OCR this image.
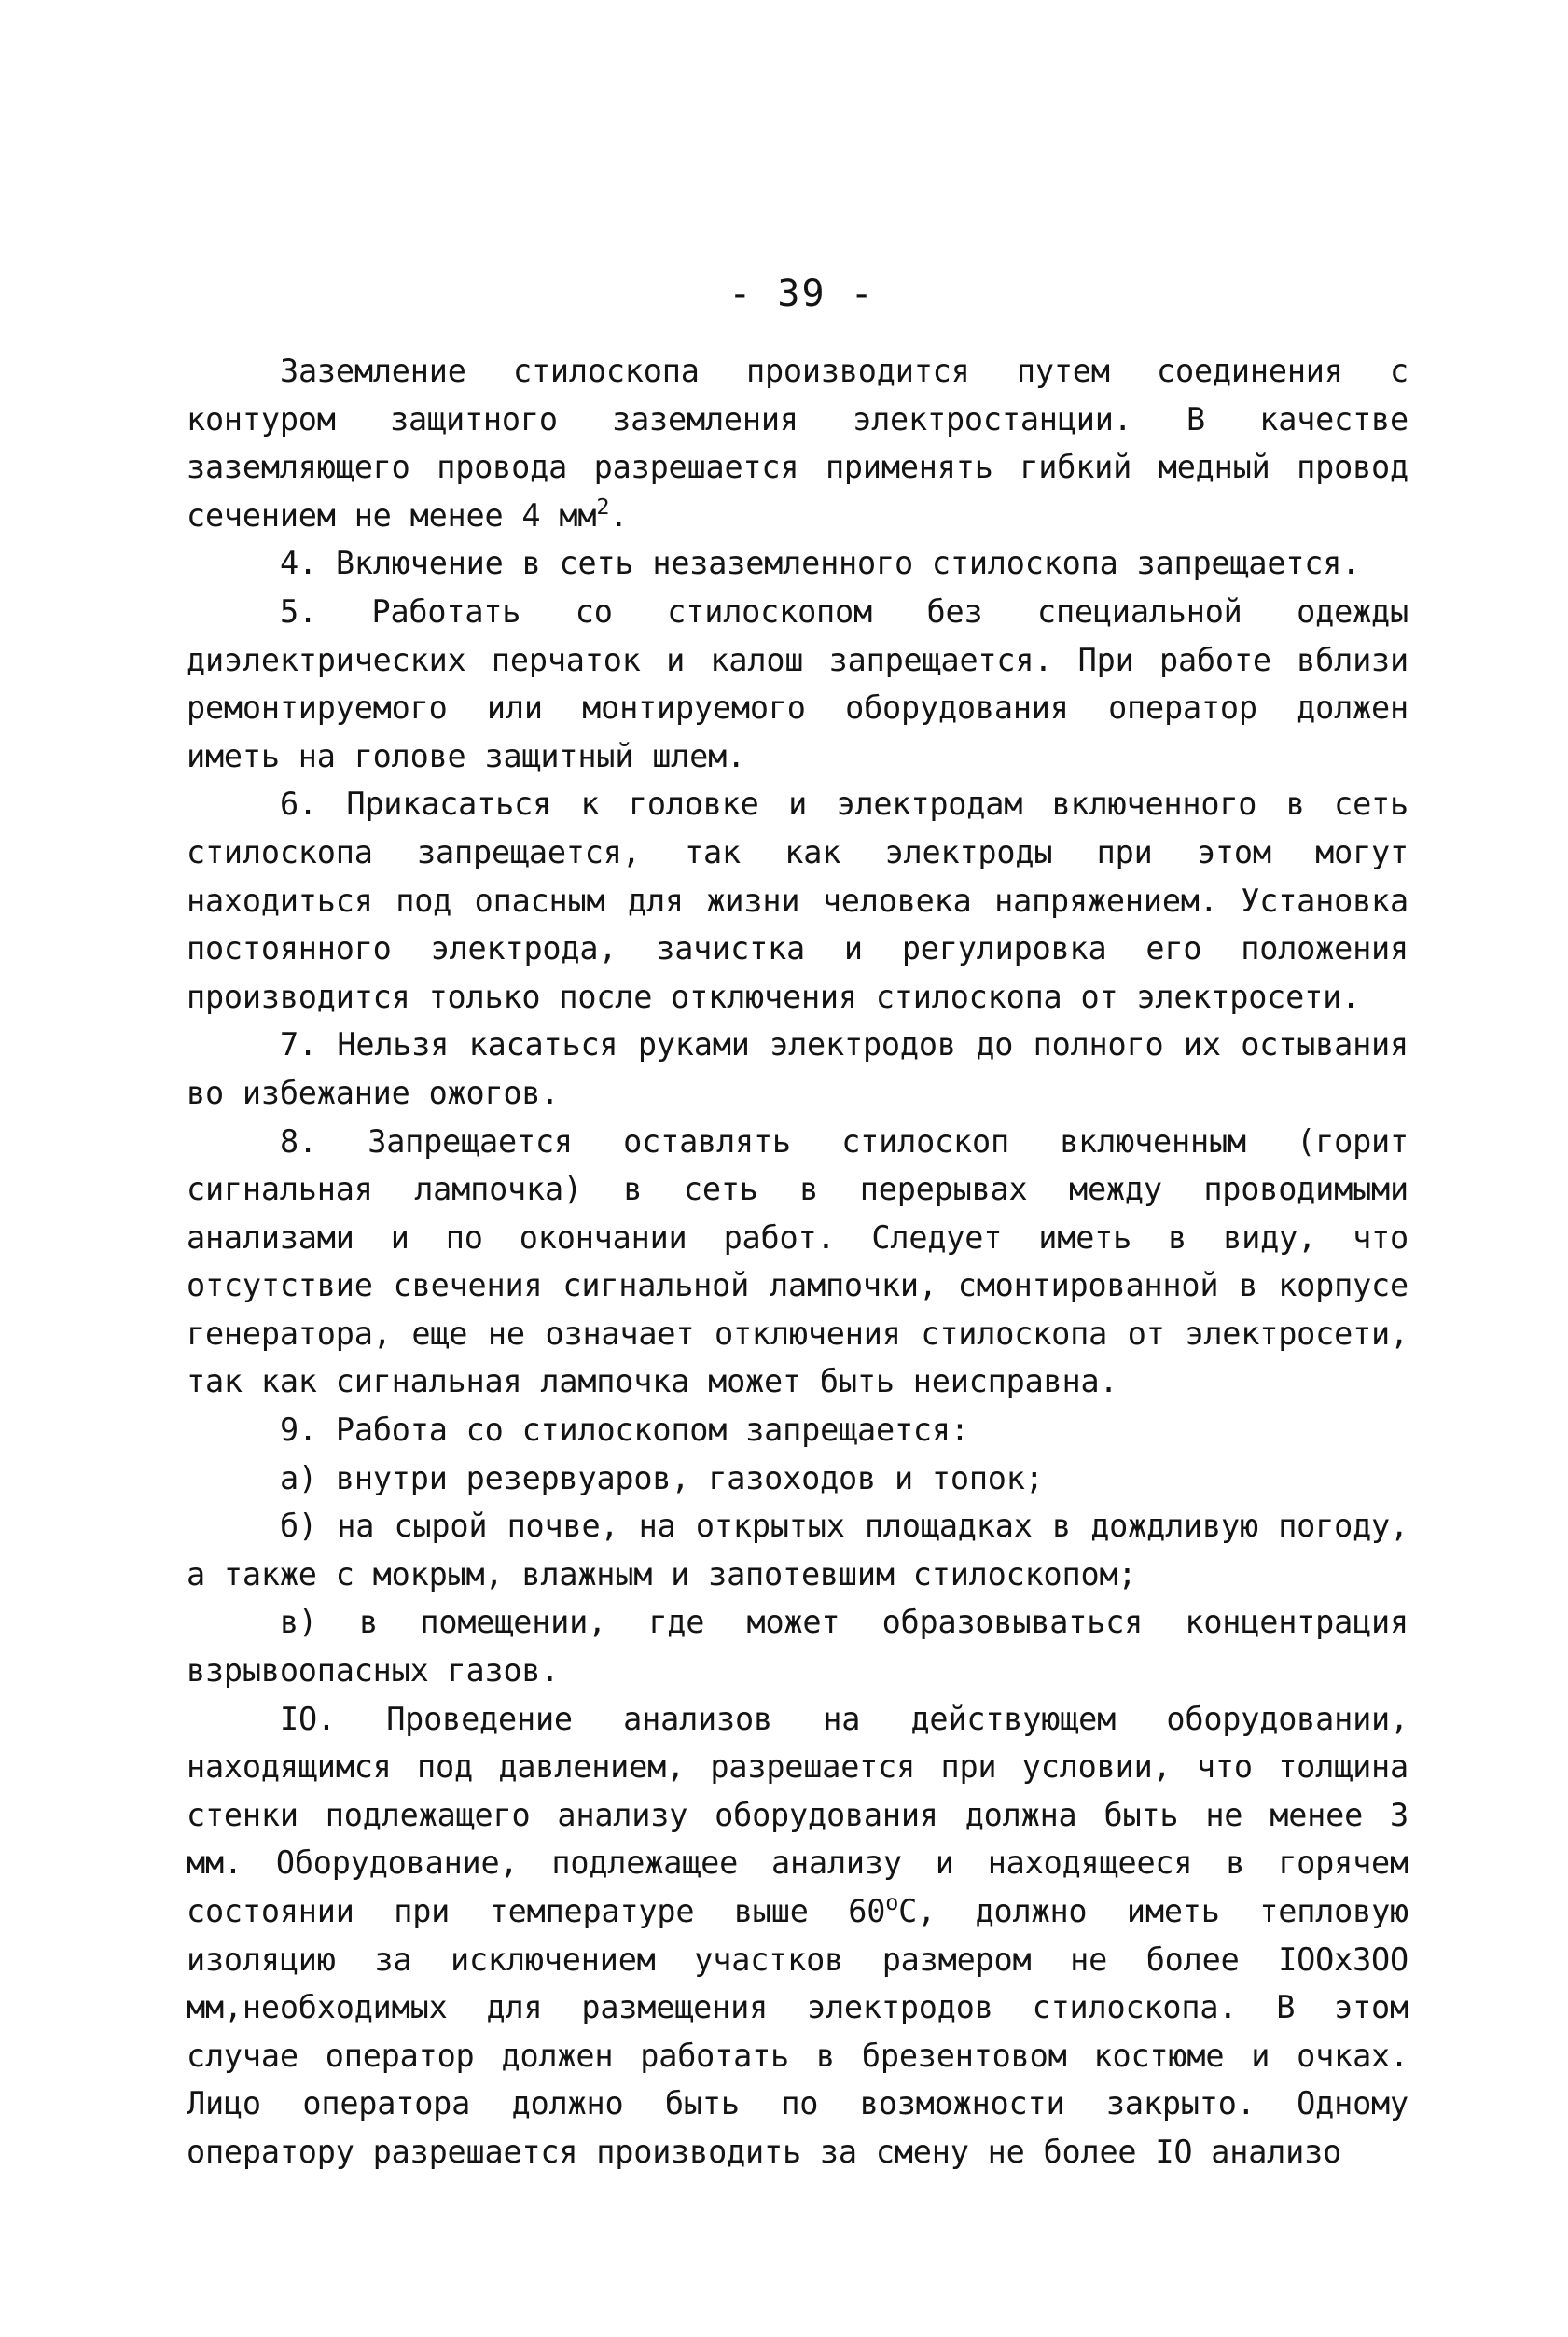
- 39 -

Заземление стилоскопа производится путем соединения с контуром защитного заземления электростанции. В качестве заземляющего провода разрешается применять гибкий медный провод сечением не менее 4 $мм^2$.

4. Включение в сеть незаземленного стилоскопа запрещается.

5. Работать со стилоскопом без специальной одежды диэлектрических перчаток и калош запрещается. При работе вблизи ремонтируемого или монтируемого оборудования оператор должен иметь на голове защитный шлем.

6. Прикасаться к головке и электродам включенного в сеть стилоскопа запрещается, так как электроды при этом могут находиться под опасным для жизни человека напряжением. Установка постоянного электрода, зачистка и регулировка его положения производится только после отключения стилоскопа от электросети.

7. Нельзя касаться руками электродов до полного их остывания во избежание ожогов.

8. Запрещается оставлять стилоскоп включенным (горит сигнальная лампочка) в сеть в перерывах между проводимыми анализами и по окончании работ. Следует иметь в виду, что отсутствие свечения сигнальной лампочки, смонтированной в корпусе генератора, еще не означает отключения стилоскопа от электросети, так как сигнальная лампочка может быть неисправна.

9. Работа со стилоскопом запрещается:

а) внутри резервуаров, газоходов и топок;

б) на сырой почве, на открытых площадках в дождливую погоду, а также с мокрым, влажным и запотевшим стилоскопом;

в) в помещении, где может образовываться концентрация взрывоопасных газов.

IO. Проведение анализов на действующем оборудовании, находящимся под давлением, разрешается при условии, что толщина стенки подлежащего анализу оборудования должна быть не менее 3 мм. Оборудование, подлежащее анализу и находящееся в горячем состоянии при температуре выше $60^оС$, должно иметь тепловую изоляцию за исключением участков размером не более IOOх3OO мм,необходимых для размещения электродов стилоскопа. В этом случае оператор должен работать в брезентовом костюме и очках. Лицо оператора должно быть по возможности закрыто. Одному оператору разрешается производить за смену не более IO анализо
